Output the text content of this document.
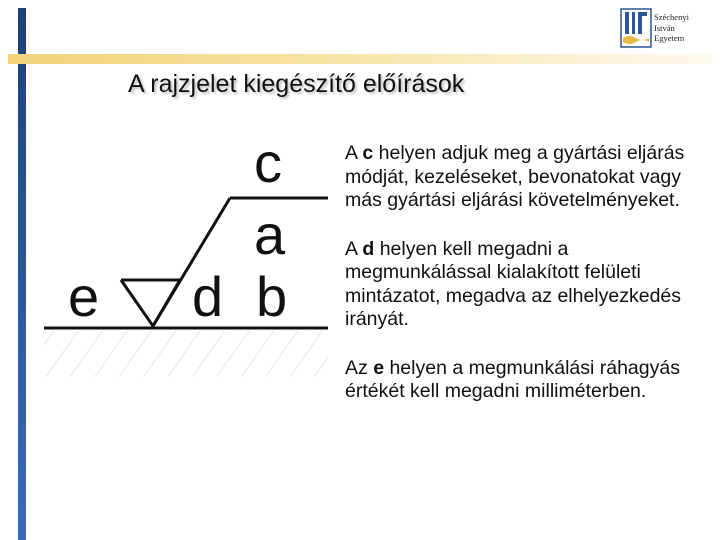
Széchenyi
István
Egyetem
A rajzjelet kiegészítő előírások
c
a
e d b

A c helyen adjuk meg a gyártási eljárás módját, kezeléseket, bevonatokat vagy más gyártási eljárási követelményeket.

A d helyen kell megadni a megmunkálással kialakított felületi mintázatot, megadva az elhelyezkedés irányát.

Az e helyen a megmunkálási ráhagyás értékét kell megadni milliméterben.
